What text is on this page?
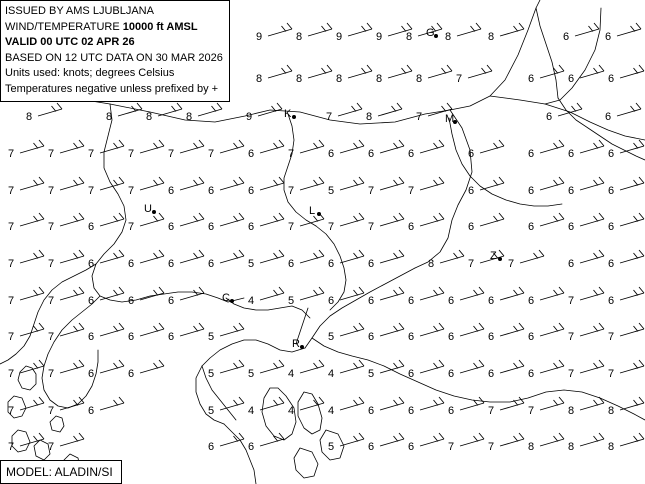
9	8	9	9 8	8	8	6	6
8	8	8	8	8	7	6	6	6
8	8	8	8	9	7	8	7	6	6
7	7	7	7	7	7	6	7	6	6	6	6	6	6	6
7	7	7	7	6	6	6	7	5	7	7	6	6	6	6
7	7	6	7	6	6	6	7	7	7	6	6	6	6	6
7	7	6	6	6	6	5	6	6	6	8	7	7	6	6
7	7	6	6	6	4	5	6	6	6	6	6	6	7	6
7	7	6	6	6	5	5	6	6	6	6	6	7	7
7	7	6	6	5	5	4	4	5	6	6	6	6	7	7
7	7	6	5	4	4	4	6	6	6	7	7	8	8
7	7	6	6	5	6	6	7	7	8	8	8
G
K	M
U	L
Z
C
R
ISSUED BY AMS LJUBLJANA
WIND/TEMPERATURE 10000 ft AMSL
VALID 00 UTC 02 APR 26
BASED ON 12 UTC DATA ON 30 MAR 2026
Units used: knots; degrees Celsius
Temperatures negative unless prefixed by +
MODEL: ALADIN/SI
